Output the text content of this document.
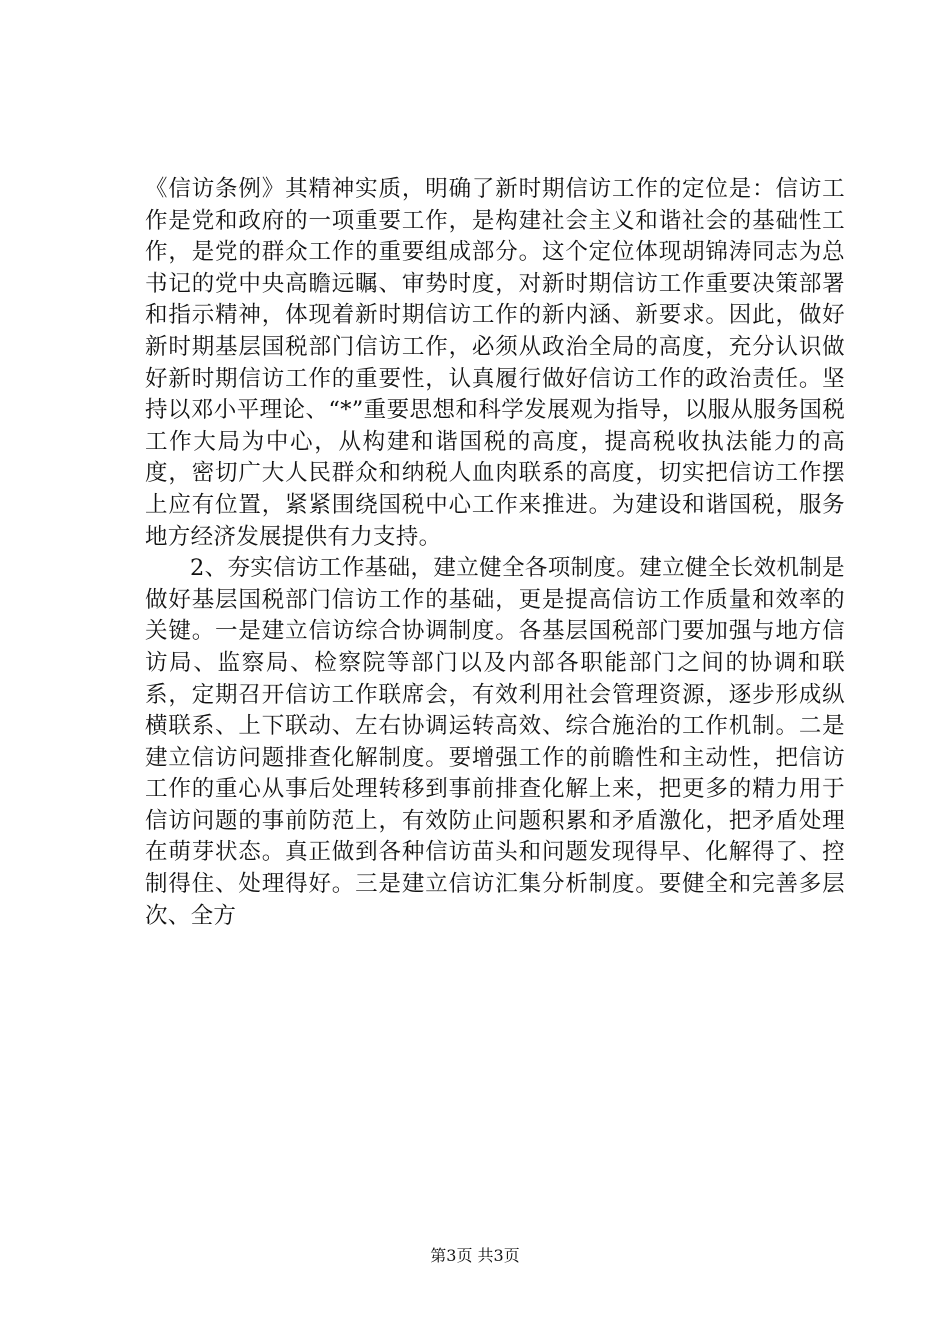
《信访条例》其精神实质，明确了新时期信访工作的定位是：信访工作是党和政府的一项重要工作，是构建社会主义和谐社会的基础性工作，是党的群众工作的重要组成部分。这个定位体现胡锦涛同志为总书记的党中央高瞻远瞩、审势时度，对新时期信访工作重要决策部署和指示精神，体现着新时期信访工作的新内涵、新要求。因此，做好新时期基层国税部门信访工作，必须从政治全局的高度，充分认识做好新时期信访工作的重要性，认真履行做好信访工作的政治责任。坚持以邓小平理论、“*”重要思想和科学发展观为指导，以服从服务国税工作大局为中心，从构建和谐国税的高度，提高税收执法能力的高度，密切广大人民群众和纳税人血肉联系的高度，切实把信访工作摆上应有位置，紧紧围绕国税中心工作来推进。为建设和谐国税，服务地方经济发展提供有力支持。

2、夯实信访工作基础，建立健全各项制度。建立健全长效机制是做好基层国税部门信访工作的基础，更是提高信访工作质量和效率的关键。一是建立信访综合协调制度。各基层国税部门要加强与地方信访局、监察局、检察院等部门以及内部各职能部门之间的协调和联系，定期召开信访工作联席会，有效利用社会管理资源，逐步形成纵横联系、上下联动、左右协调运转高效、综合施治的工作机制。二是建立信访问题排查化解制度。要增强工作的前瞻性和主动性，把信访工作的重心从事后处理转移到事前排查化解上来，把更多的精力用于信访问题的事前防范上，有效防止问题积累和矛盾激化，把矛盾处理在萌芽状态。真正做到各种信访苗头和问题发现得早、化解得了、控制得住、处理得好。三是建立信访汇集分析制度。要健全和完善多层次、全方

第3页 共3页
